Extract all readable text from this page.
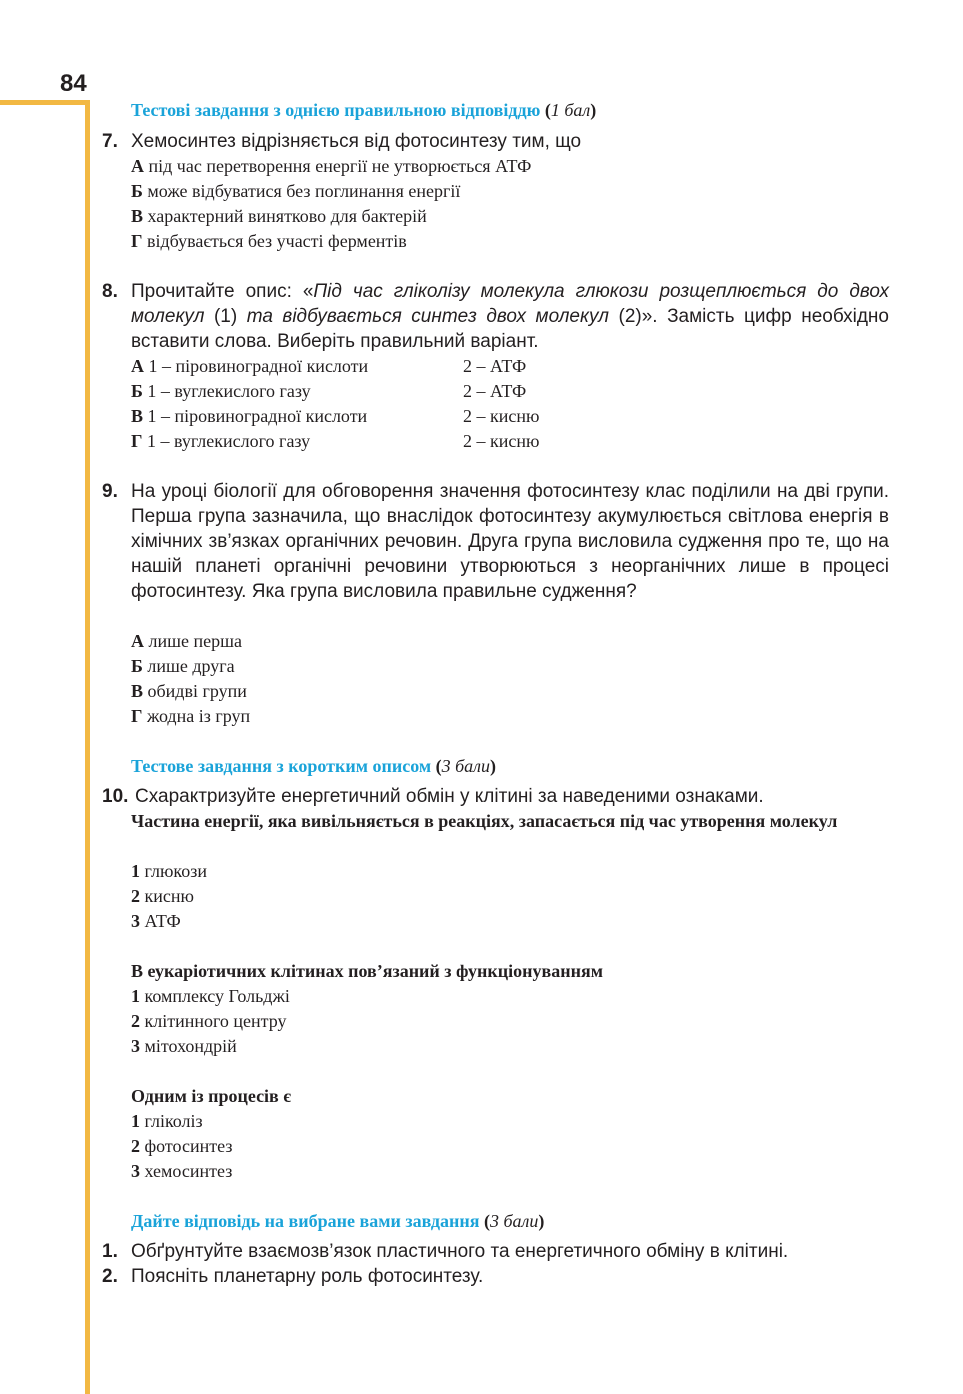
84
Тестові завдання з однією правильною відповіддю (1 бал)
7. Хемосинтез відрізняється від фотосинтезу тим, що
А під час перетворення енергії не утворюється АТФ
Б може відбуватися без поглинання енергії
В характерний винятково для бактерій
Г відбувається без участі ферментів
8. Прочитайте опис: «Під час гліколізу молекула глюкози розщеплюється до двох молекул (1) та відбувається синтез двох молекул (2)». Замість цифр необхідно вставити слова. Виберіть правильний варіант.
А 1 – піровиноградної кислоти	2 – АТФ
Б 1 – вуглекислого газу	2 – АТФ
В 1 – піровиноградної кислоти	2 – кисню
Г 1 – вуглекислого газу	2 – кисню
9. На уроці біології для обговорення значення фотосинтезу клас поділили на дві групи. Перша група зазначила, що внаслідок фотосинтезу акумулюється світлова енергія в хімічних зв’язках органічних речовин. Друга група висловила судження про те, що на нашій планеті органічні речовини утворюються з неорганічних лише в процесі фотосинтезу. Яка група висловила правильне судження?
А лише перша
Б лише друга
В обидві групи
Г жодна із груп
Тестове завдання з коротким описом (3 бали)
10. Схарактризуйте енергетичний обмін у клітині за наведеними ознаками.
Частина енергії, яка вивільняється в реакціях, запасається під час утворення молекул
1 глюкози
2 кисню
3 АТФ
В еукаріотичних клітинах пов’язаний з функціонуванням
1 комплексу Гольджі
2 клітинного центру
3 мітохондрій
Одним із процесів є
1 гліколіз
2 фотосинтез
3 хемосинтез
Дайте відповідь на вибране вами завдання (3 бали)
1. Обґрунтуйте взаємозв’язок пластичного та енергетичного обміну в клітині.
2. Поясніть планетарну роль фотосинтезу.
